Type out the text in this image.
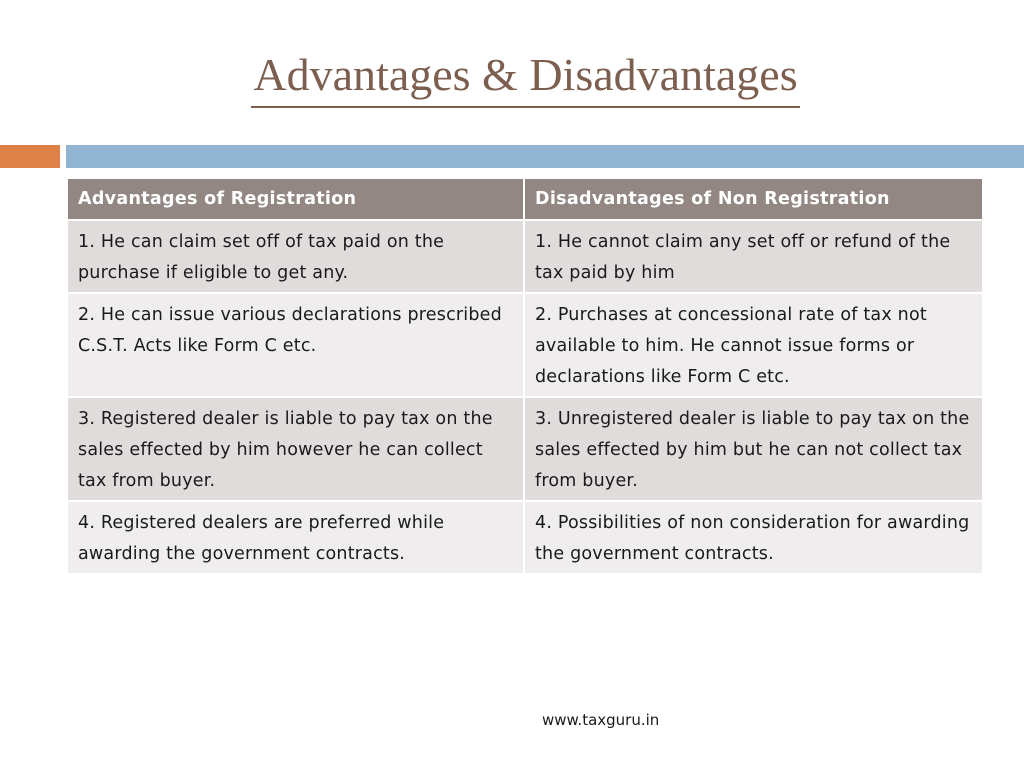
Advantages & Disadvantages
Advantages of Registration	Disadvantages of Non Registration
1. He can claim set off of tax paid on the purchase if eligible to get any.	1. He cannot claim any set off or refund of the tax paid by him
2. He can issue various declarations prescribed C.S.T. Acts like Form C etc.	2. Purchases at concessional rate of tax not available to him. He cannot issue forms or declarations like Form C etc.
3. Registered dealer is liable to pay tax on the sales effected by him however he can collect tax from buyer.	3. Unregistered dealer is liable to pay tax on the sales effected by him but he can not collect tax from buyer.
4. Registered dealers are preferred while awarding the government contracts.	4. Possibilities of non consideration for awarding the government contracts.
www.taxguru.in
